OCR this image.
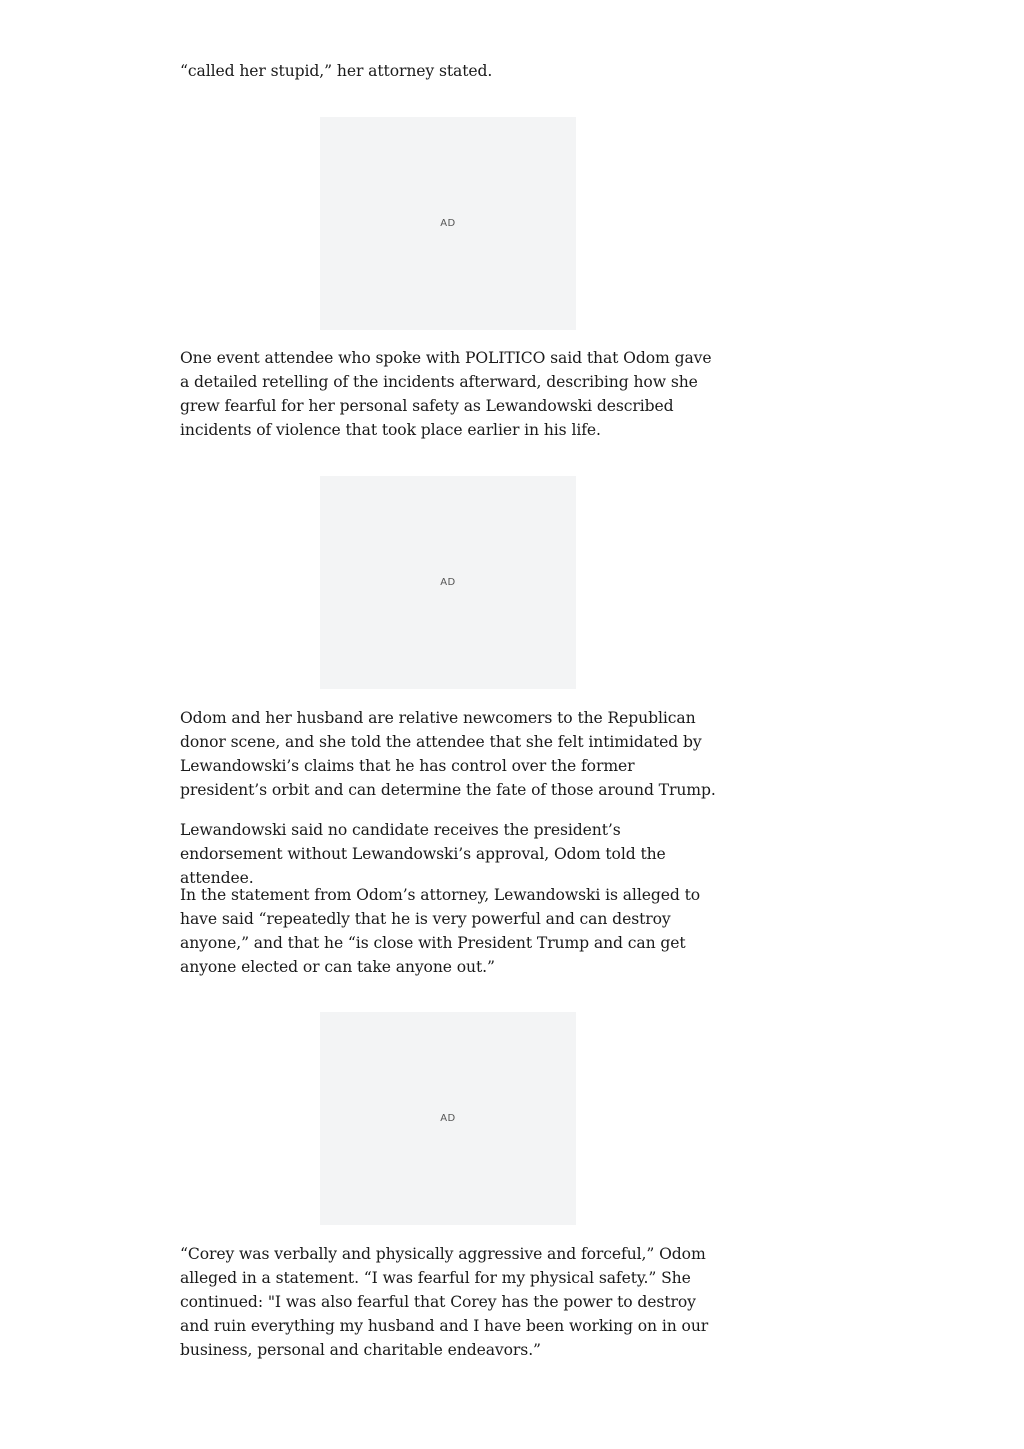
“called her stupid,” her attorney stated.

AD

One event attendee who spoke with POLITICO said that Odom gave a detailed retelling of the incidents afterward, describing how she grew fearful for her personal safety as Lewandowski described incidents of violence that took place earlier in his life.

AD

Odom and her husband are relative newcomers to the Republican donor scene, and she told the attendee that she felt intimidated by Lewandowski’s claims that he has control over the former president’s orbit and can determine the fate of those around Trump.

Lewandowski said no candidate receives the president’s endorsement without Lewandowski’s approval, Odom told the attendee.

In the statement from Odom’s attorney, Lewandowski is alleged to have said “repeatedly that he is very powerful and can destroy anyone,” and that he “is close with President Trump and can get anyone elected or can take anyone out.”

AD

“Corey was verbally and physically aggressive and forceful,” Odom alleged in a statement. “I was fearful for my physical safety.” She continued: "I was also fearful that Corey has the power to destroy and ruin everything my husband and I have been working on in our business, personal and charitable endeavors.”
